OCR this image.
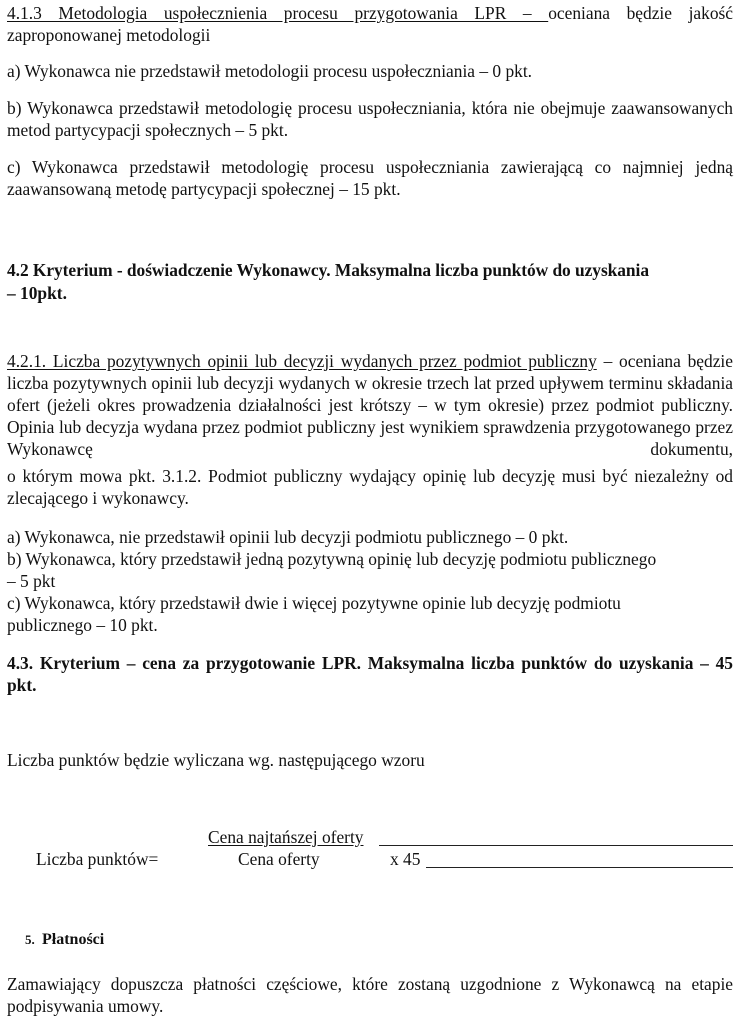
4.1.3 Metodologia uspołecznienia procesu przygotowania LPR – oceniana będzie jakość zaproponowanej metodologii

a) Wykonawca nie przedstawił metodologii procesu uspołeczniania – 0 pkt.

b) Wykonawca przedstawił metodologię procesu uspołeczniania, która nie obejmuje zaawansowanych metod partycypacji społecznych – 5 pkt.

c) Wykonawca przedstawił metodologię procesu uspołeczniania zawierającą co najmniej jedną zaawansowaną metodę partycypacji społecznej – 15 pkt.

4.2 Kryterium - doświadczenie Wykonawcy. Maksymalna liczba punktów do uzyskania

– 10pkt.

4.2.1. Liczba pozytywnych opinii lub decyzji wydanych przez podmiot publiczny – oceniana będzie liczba pozytywnych opinii lub decyzji wydanych w okresie trzech lat przed upływem terminu składania ofert (jeżeli okres prowadzenia działalności jest krótszy – w tym okresie) przez podmiot publiczny. Opinia lub decyzja wydana przez podmiot publiczny jest wynikiem sprawdzenia przygotowanego przez Wykonawcę dokumentu,

o którym mowa pkt. 3.1.2. Podmiot publiczny wydający opinię lub decyzję musi być niezależny od zlecającego i wykonawcy.

a) Wykonawca, nie przedstawił opinii lub decyzji podmiotu publicznego – 0 pkt.

b) Wykonawca, który przedstawił jedną pozytywną opinię lub decyzję podmiotu publicznego

– 5 pkt

c) Wykonawca, który przedstawił dwie i więcej pozytywne opinie lub decyzję podmiotu

publicznego – 10 pkt.

4.3. Kryterium – cena za przygotowanie LPR. Maksymalna liczba punktów do uzyskania – 45 pkt.

Liczba punktów będzie wyliczana wg. następującego wzoru

Cena najtańszej oferty
Liczba punktów=	Cena oferty	x 45

5. Płatności

Zamawiający dopuszcza płatności częściowe, które zostaną uzgodnione z Wykonawcą na etapie podpisywania umowy.
